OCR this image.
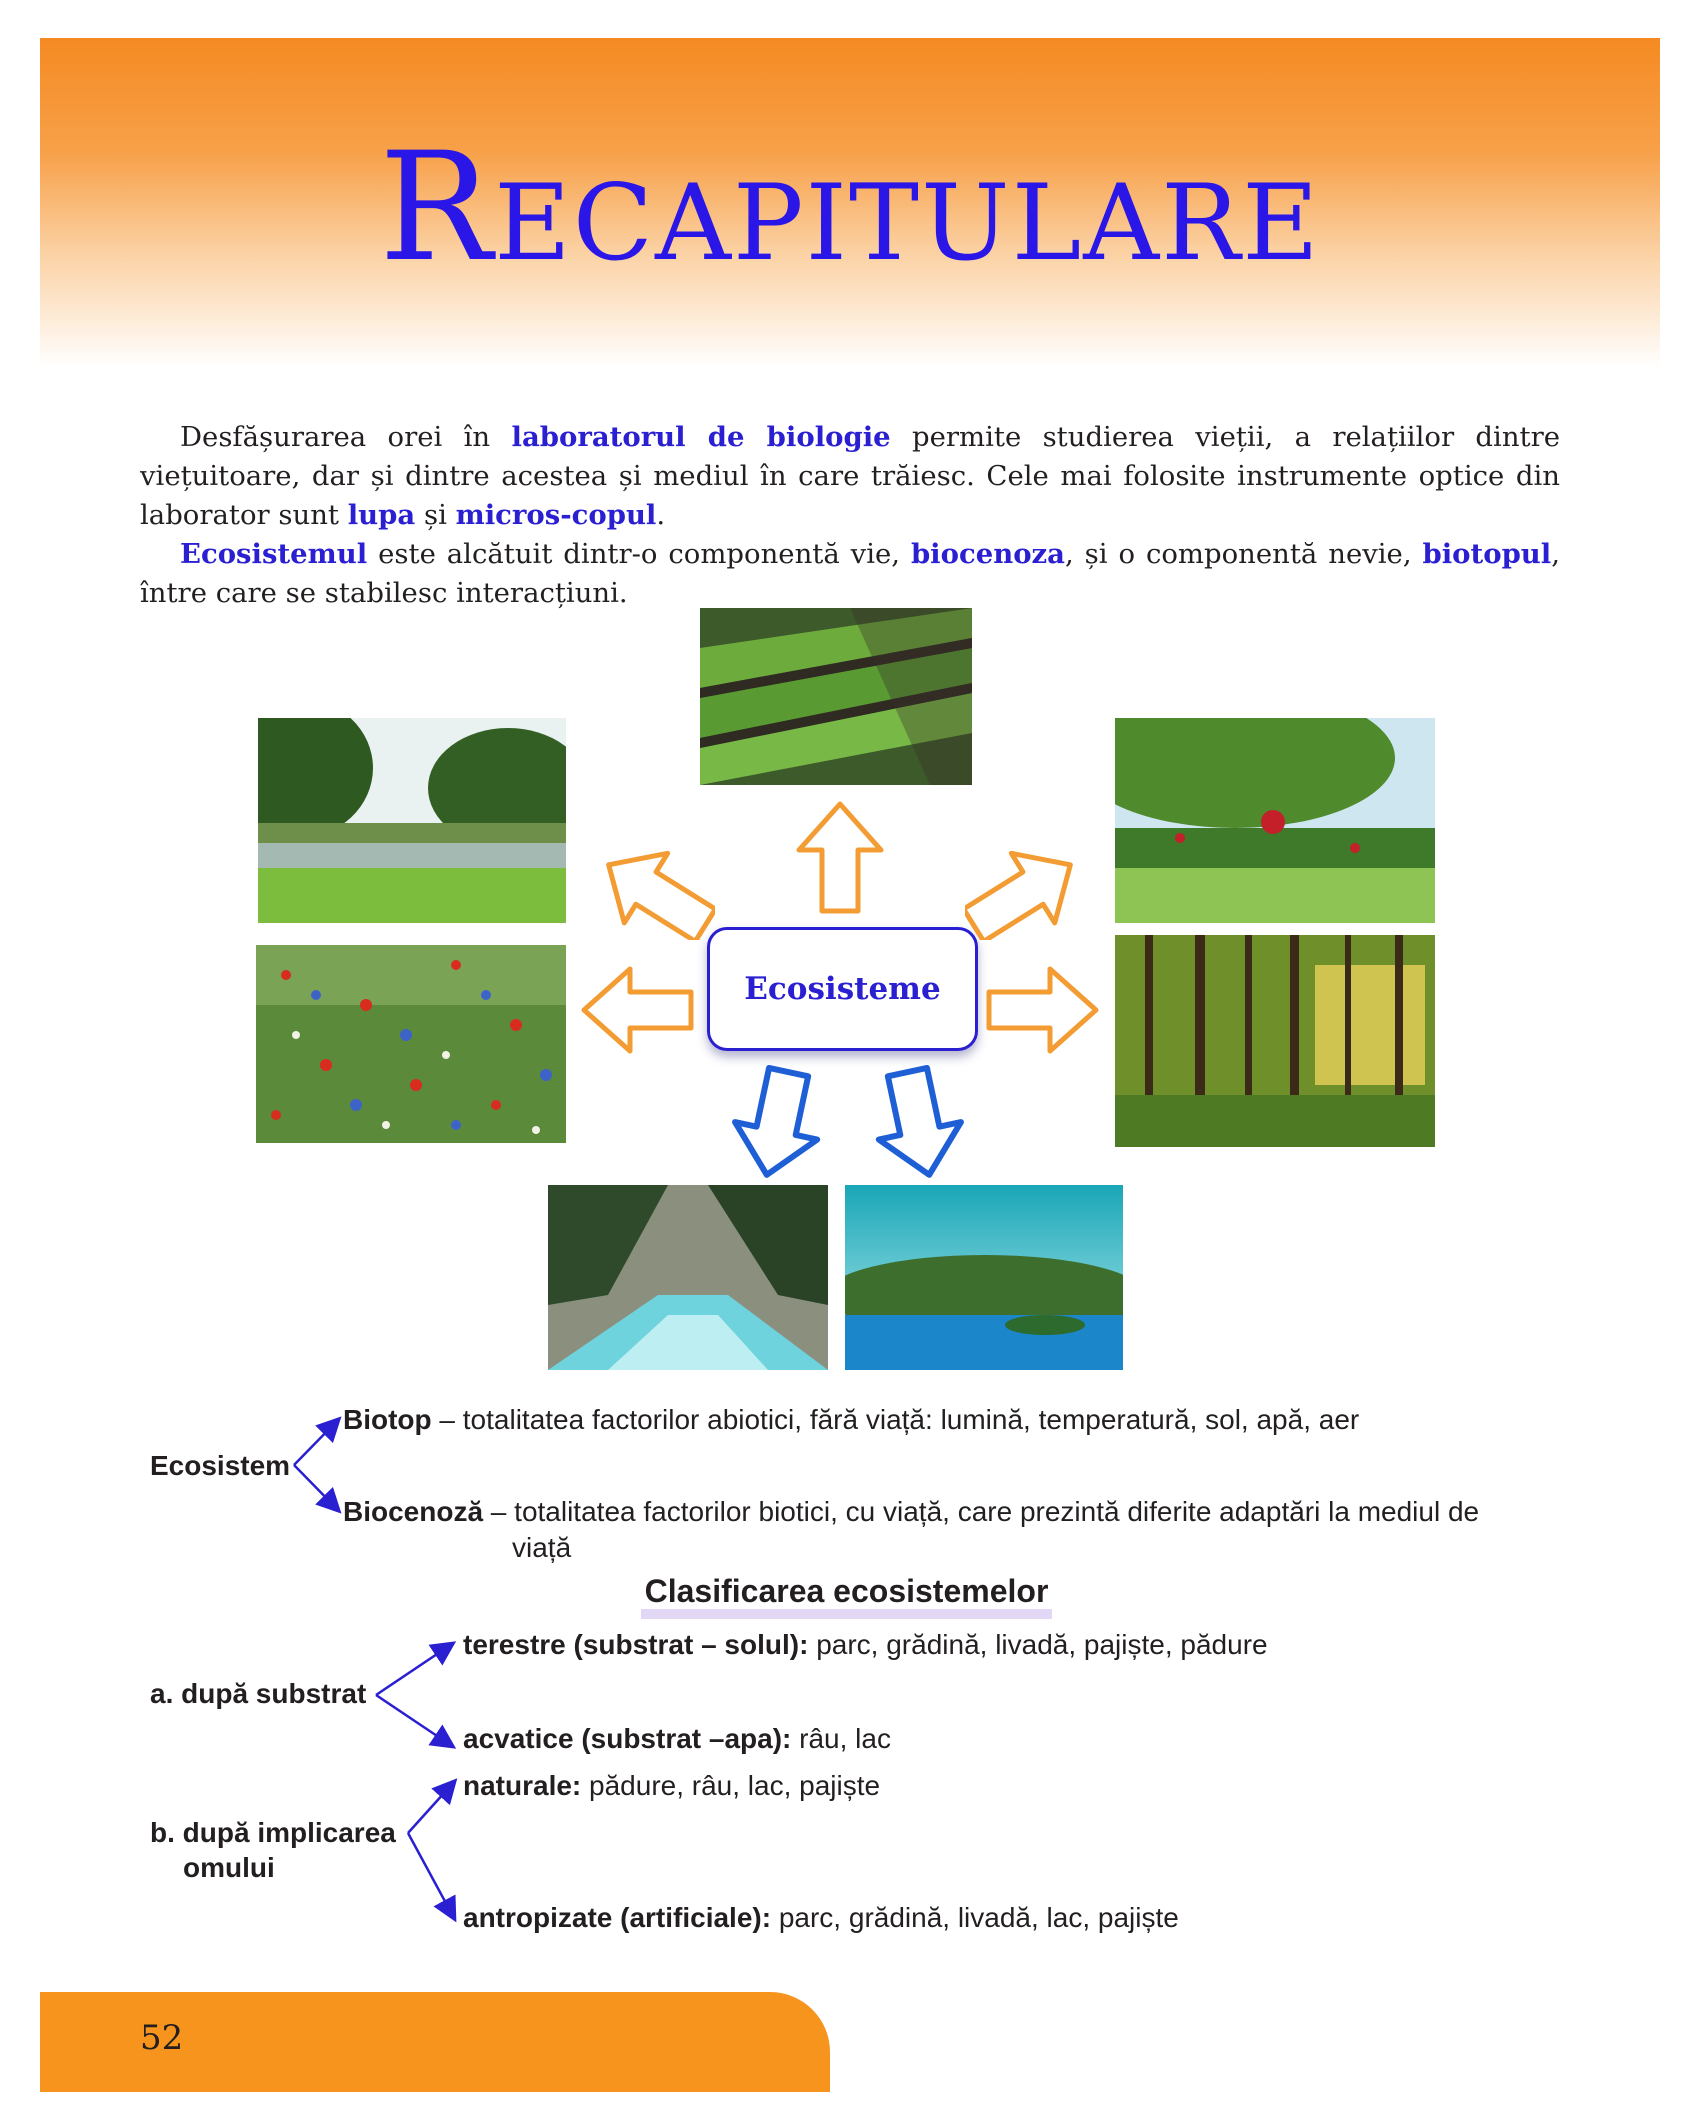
Recapitulare

Desfășurarea orei în laboratorul de biologie permite studierea vieții, a relațiilor dintre viețuitoare, dar și dintre acestea și mediul în care trăiesc. Cele mai folosite instrumente optice din laborator sunt lupa și micros-copul.

Ecosistemul este alcătuit dintr-o componentă vie, biocenoza, și o componentă nevie, biotopul, între care se stabilesc interacțiuni.

Ecosisteme
Ecosistem
Biotop – totalitatea factorilor abiotici, fără viață: lumină, temperatură, sol, apă, aer
Biocenoză – totalitatea factorilor biotici, cu viață, care prezintă diferite adaptări la mediul de
viață
Clasificarea ecosistemelor
a. după substrat
terestre (substrat – solul): parc, grădină, livadă, pajiște, pădure
acvatice (substrat –apa): râu, lac
b. după implicarea
omului
naturale: pădure, râu, lac, pajiște
antropizate (artificiale): parc, grădină, livadă, lac, pajiște
52
